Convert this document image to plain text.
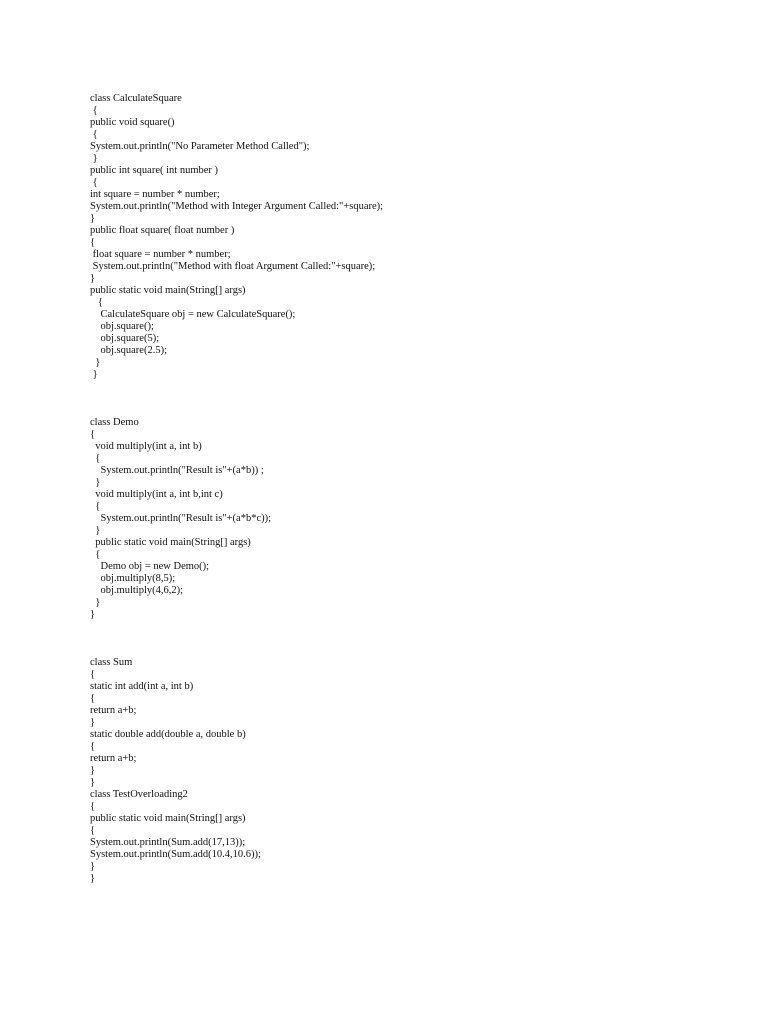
class CalculateSquare
{
public void square()
{
System.out.println("No Parameter Method Called");
}
public int square( int number )
{
int square = number * number;
System.out.println("Method with Integer Argument Called:"+square);
}
public float square( float number )
{
float square = number * number;
System.out.println("Method with float Argument Called:"+square);
}
public static void main(String[] args)
{
CalculateSquare obj = new CalculateSquare();
obj.square();
obj.square(5);
obj.square(2.5);
}
}
class Demo
{
void multiply(int a, int b)
{
System.out.println("Result is"+(a*b)) ;
}
void multiply(int a, int b,int c)
{
System.out.println("Result is"+(a*b*c));
}
public static void main(String[] args)
{
Demo obj = new Demo();
obj.multiply(8,5);
obj.multiply(4,6,2);
}
}
class Sum
{
static int add(int a, int b)
{
return a+b;
}
static double add(double a, double b)
{
return a+b;
}
}
class TestOverloading2
{
public static void main(String[] args)
{
System.out.println(Sum.add(17,13));
System.out.println(Sum.add(10.4,10.6));
}
}
